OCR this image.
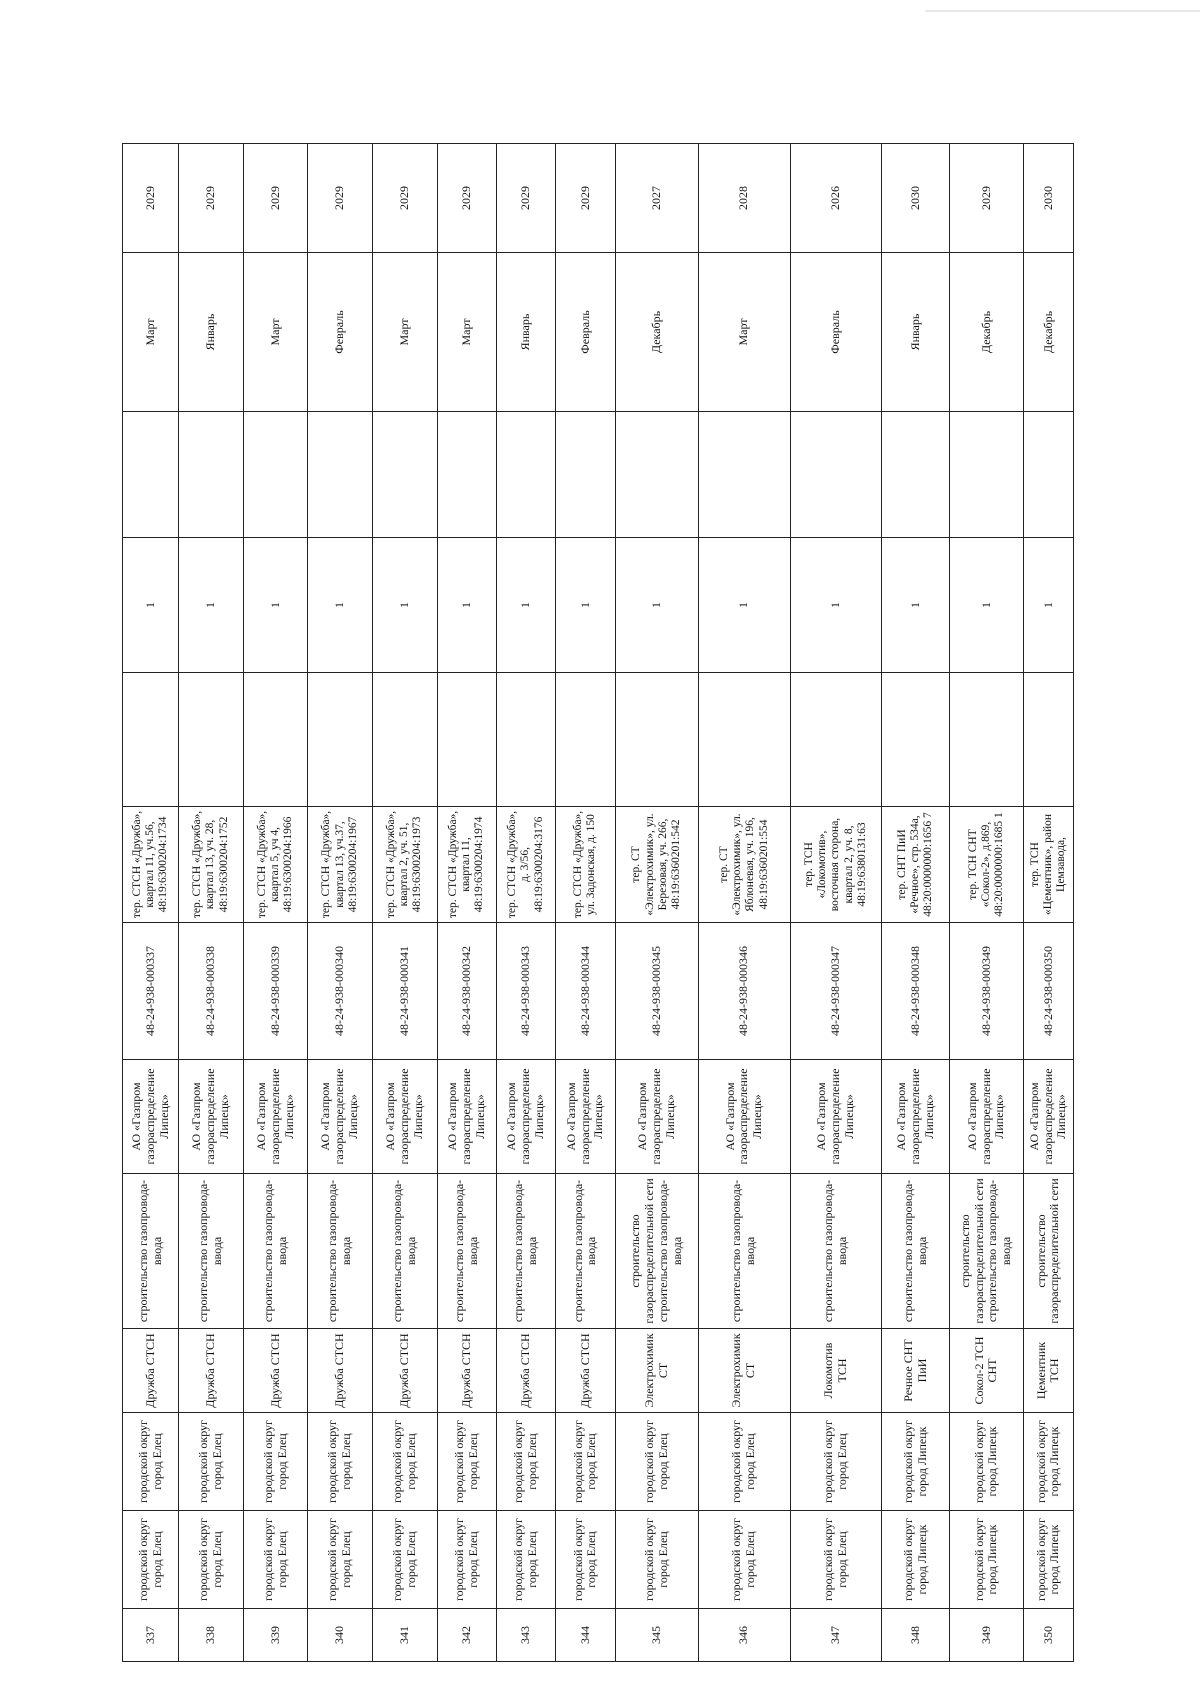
337	городской округ город Елец	городской округ город Елец	Дружба СТСН	строительство газопровода-ввода	АО «Газпром газораспределение Липецк»	48-24-938-000337	тер. СТСН «Дружба», квартал 11, уч.56, 48:19:6300204:1734		1		Март	2029
338	городской округ город Елец	городской округ город Елец	Дружба СТСН	строительство газопровода-ввода	АО «Газпром газораспределение Липецк»	48-24-938-000338	тер. СТСН «Дружба», квартал 13, уч. 28, 48:19:6300204:1752		1		Январь	2029
339	городской округ город Елец	городской округ город Елец	Дружба СТСН	строительство газопровода-ввода	АО «Газпром газораспределение Липецк»	48-24-938-000339	тер. СТСН «Дружба», квартал 5, уч 4, 48:19:6300204:1966		1		Март	2029
340	городской округ город Елец	городской округ город Елец	Дружба СТСН	строительство газопровода-ввода	АО «Газпром газораспределение Липецк»	48-24-938-000340	тер. СТСН «Дружба», квартал 13, уч.37, 48:19:6300204:1967		1		Февраль	2029
341	городской округ город Елец	городской округ город Елец	Дружба СТСН	строительство газопровода-ввода	АО «Газпром газораспределение Липецк»	48-24-938-000341	тер. СТСН «Дружба», квартал 2, уч. 51, 48:19:6300204:1973		1		Март	2029
342	городской округ город Елец	городской округ город Елец	Дружба СТСН	строительство газопровода-ввода	АО «Газпром газораспределение Липецк»	48-24-938-000342	тер. СТСН «Дружба», квартал 11, 48:19:6300204:1974		1		Март	2029
343	городской округ город Елец	городской округ город Елец	Дружба СТСН	строительство газопровода-ввода	АО «Газпром газораспределение Липецк»	48-24-938-000343	тер. СТСН «Дружба», д. 3/56, 48:19:6300204:3176		1		Январь	2029
344	городской округ город Елец	городской округ город Елец	Дружба СТСН	строительство газопровода-ввода	АО «Газпром газораспределение Липецк»	48-24-938-000344	тер. СТСН «Дружба», ул. Задонская, д. 150		1		Февраль	2029
345	городской округ город Елец	городской округ город Елец	Электрохимик СТ	строительство газораспределительной сети строительство газопровода-ввода	АО «Газпром газораспределение Липецк»	48-24-938-000345	тер. СТ «Электрохимик», ул. Березовая, уч. 266, 48:19:6360201:542		1		Декабрь	2027
346	городской округ город Елец	городской округ город Елец	Электрохимик СТ	строительство газопровода-ввода	АО «Газпром газораспределение Липецк»	48-24-938-000346	тер. СТ «Электрохимик», ул. Яблоневая, уч. 196, 48:19:6360201:554		1		Март	2028
347	городской округ город Елец	городской округ город Елец	Локомотив ТСН	строительство газопровода-ввода	АО «Газпром газораспределение Липецк»	48-24-938-000347	тер. ТСН «Локомотив», восточная сторона, квартал 2, уч. 8, 48:19:6380131:63		1		Февраль	2026
348	городской округ город Липецк	городской округ город Липецк	Речное СНТ ПиИ	строительство газопровода-ввода	АО «Газпром газораспределение Липецк»	48-24-938-000348	тер. СНТ ПиИ «Речное», стр. 534а, 48:20:0000000:1656 7		1		Январь	2030
349	городской округ город Липецк	городской округ город Липецк	Сокол-2 ТСН СНТ	строительство газораспределительной сети строительство газопровода-ввода	АО «Газпром газораспределение Липецк»	48-24-938-000349	тер. ТСН СНТ «Сокол-2», д.869, 48:20:0000000:1685 1		1		Декабрь	2029
350	городской округ город Липецк	городской округ город Липецк	Цементник ТСН	строительство газораспределительной сети	АО «Газпром газораспределение Липецк»	48-24-938-000350	тер. ТСН «Цементник», район Цемзавода,		1		Декабрь	2030
